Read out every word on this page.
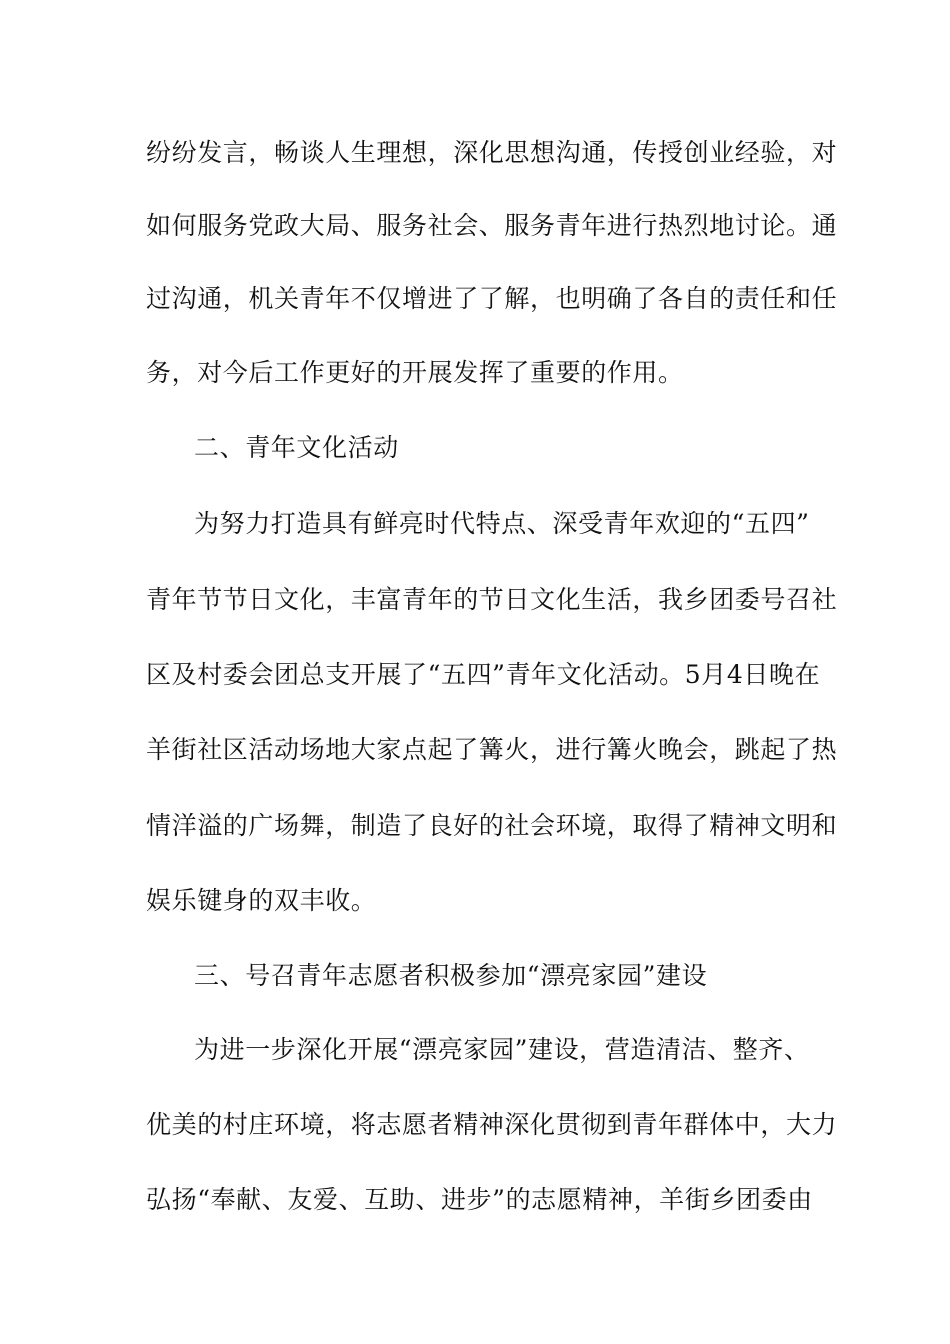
纷纷发言，畅谈人生理想，深化思想沟通，传授创业经验，对
如何服务党政大局、服务社会、服务青年进行热烈地讨论。通
过沟通，机关青年不仅增进了了解，也明确了各自的责任和任
务，对今后工作更好的开展发挥了重要的作用。
二、青年文化活动
为努力打造具有鲜亮时代特点、深受青年欢迎的“五四”
青年节节日文化，丰富青年的节日文化生活，我乡团委号召社
区及村委会团总支开展了“五四”青年文化活动。5月4日晚在
羊街社区活动场地大家点起了篝火，进行篝火晚会，跳起了热
情洋溢的广场舞，制造了良好的社会环境，取得了精神文明和
娱乐键身的双丰收。
三、号召青年志愿者积极参加“漂亮家园”建设
为进一步深化开展“漂亮家园”建设，营造清洁、整齐、
优美的村庄环境，将志愿者精神深化贯彻到青年群体中，大力
弘扬“奉献、友爱、互助、进步”的志愿精神，羊街乡团委由
